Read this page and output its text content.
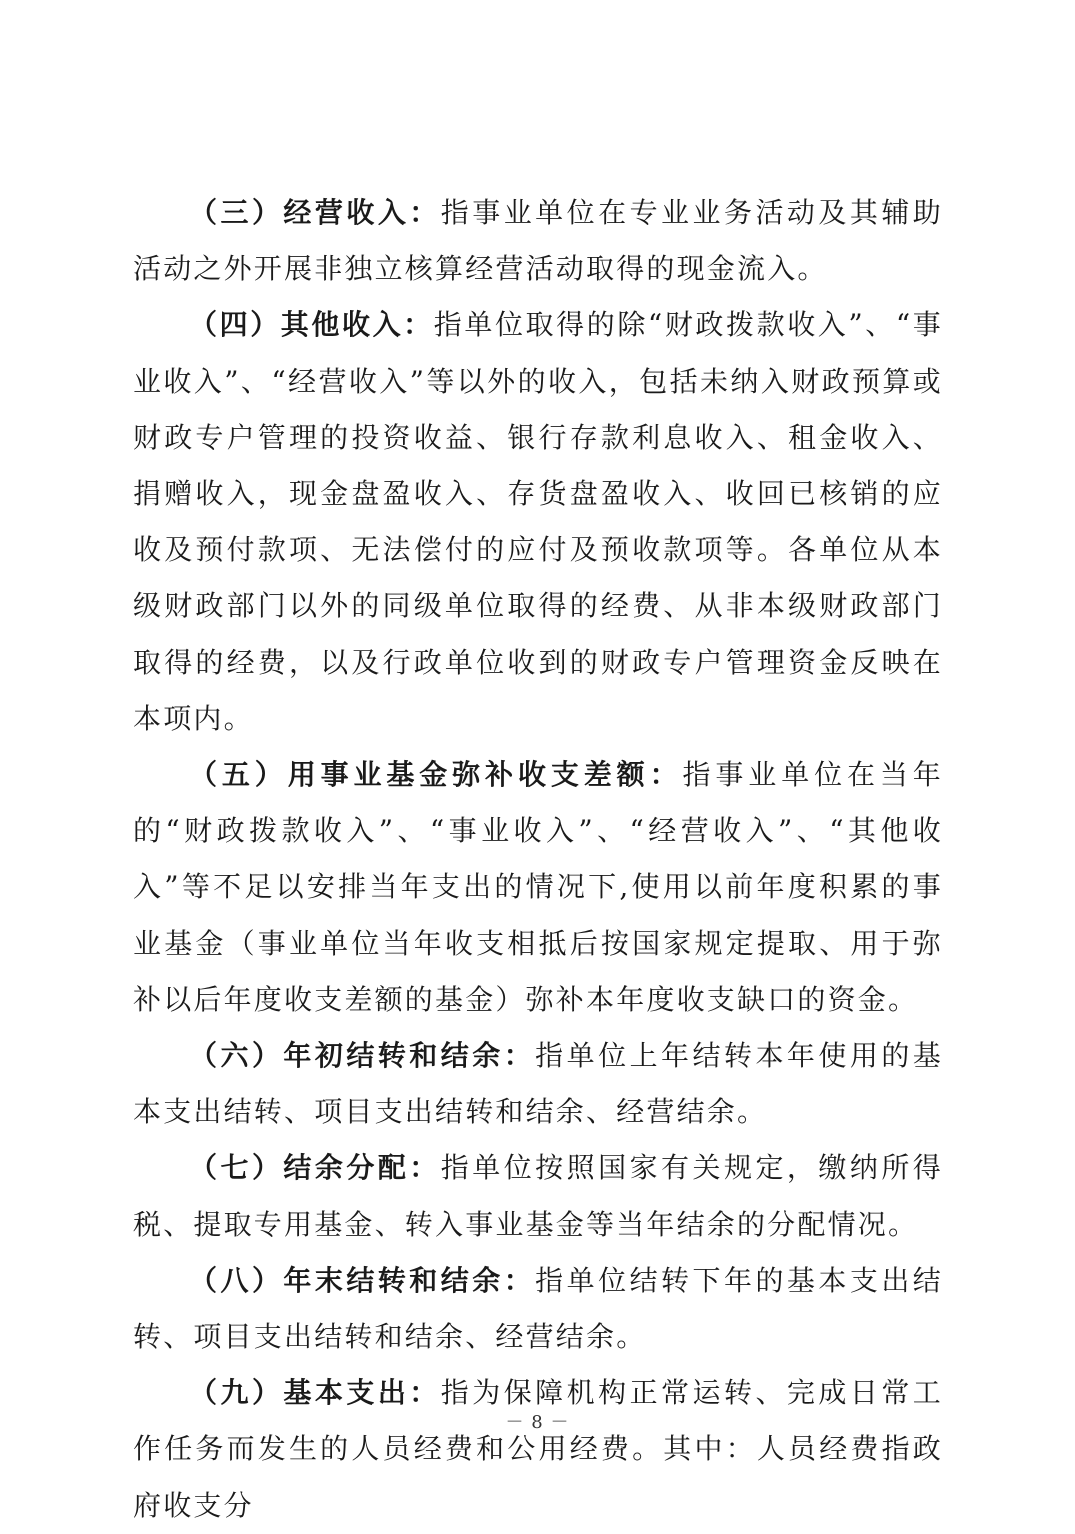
（三）经营收入：指事业单位在专业业务活动及其辅助活动之外开展非独立核算经营活动取得的现金流入。

（四）其他收入：指单位取得的除“财政拨款收入”、“事业收入”、“经营收入”等以外的收入，包括未纳入财政预算或财政专户管理的投资收益、银行存款利息收入、租金收入、捐赠收入，现金盘盈收入、存货盘盈收入、收回已核销的应收及预付款项、无法偿付的应付及预收款项等。各单位从本级财政部门以外的同级单位取得的经费、从非本级财政部门取得的经费，以及行政单位收到的财政专户管理资金反映在本项内。

（五）用事业基金弥补收支差额：指事业单位在当年的“财政拨款收入”、“事业收入”、“经营收入”、“其他收入”等不足以安排当年支出的情况下,使用以前年度积累的事业基金（事业单位当年收支相抵后按国家规定提取、用于弥补以后年度收支差额的基金）弥补本年度收支缺口的资金。

（六）年初结转和结余：指单位上年结转本年使用的基本支出结转、项目支出结转和结余、经营结余。

（七）结余分配：指单位按照国家有关规定，缴纳所得税、提取专用基金、转入事业基金等当年结余的分配情况。

（八）年末结转和结余：指单位结转下年的基本支出结转、项目支出结转和结余、经营结余。

（九）基本支出：指为保障机构正常运转、完成日常工作任务而发生的人员经费和公用经费。其中：人员经费指政府收支分

－ 8 －
